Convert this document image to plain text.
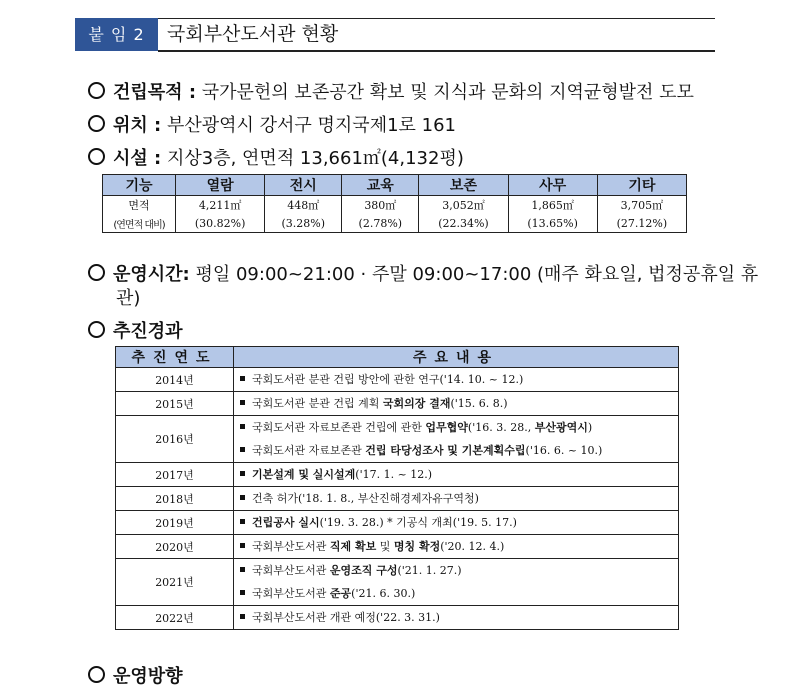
붙 임 2	국회부산도서관 현황
건립목적 : 국가문헌의 보존공간 확보 및 지식과 문화의 지역균형발전 도모
위치 : 부산광역시 강서구 명지국제1로 161
시설 : 지상3층, 연면적 13,661㎡(4,132평)
기능	열람	전시	교육	보존	사무	기타
면적	4,211㎡	448㎡	380㎡	3,052㎡	1,865㎡	3,705㎡
(연면적 대비)	(30.82%)	(3.28%)	(2.78%)	(22.34%)	(13.65%)	(27.12%)
운영시간: 평일 09:00~21:00 · 주말 09:00~17:00 (매주 화요일, 법정공휴일 휴
관)
추진경과
추진연도	주요내용
2014년	국회도서관 분관 건립 방안에 관한 연구('14. 10. ~ 12.)

2015년	국회도서관 분관 건립 계획 국회의장 결재('15. 6. 8.)

2016년	국회도서관 자료보존관 건립에 관한 업무협약('16. 3. 28., 부산광역시)
국회도서관 자료보존관 건립 타당성조사 및 기본계획수립('16. 6. ~ 10.)

2017년	기본설계 및 실시설계('17. 1. ~ 12.)

2018년	건축 허가('18. 1. 8., 부산진해경제자유구역청)

2019년	건립공사 실시('19. 3. 28.) * 기공식 개최('19. 5. 17.)

2020년	국회부산도서관 직제 확보 및 명칭 확정('20. 12. 4.)

2021년	국회부산도서관 운영조직 구성('21. 1. 27.)
국회부산도서관 준공('21. 6. 30.)

2022년	국회부산도서관 개관 예정('22. 3. 31.)
운영방향
